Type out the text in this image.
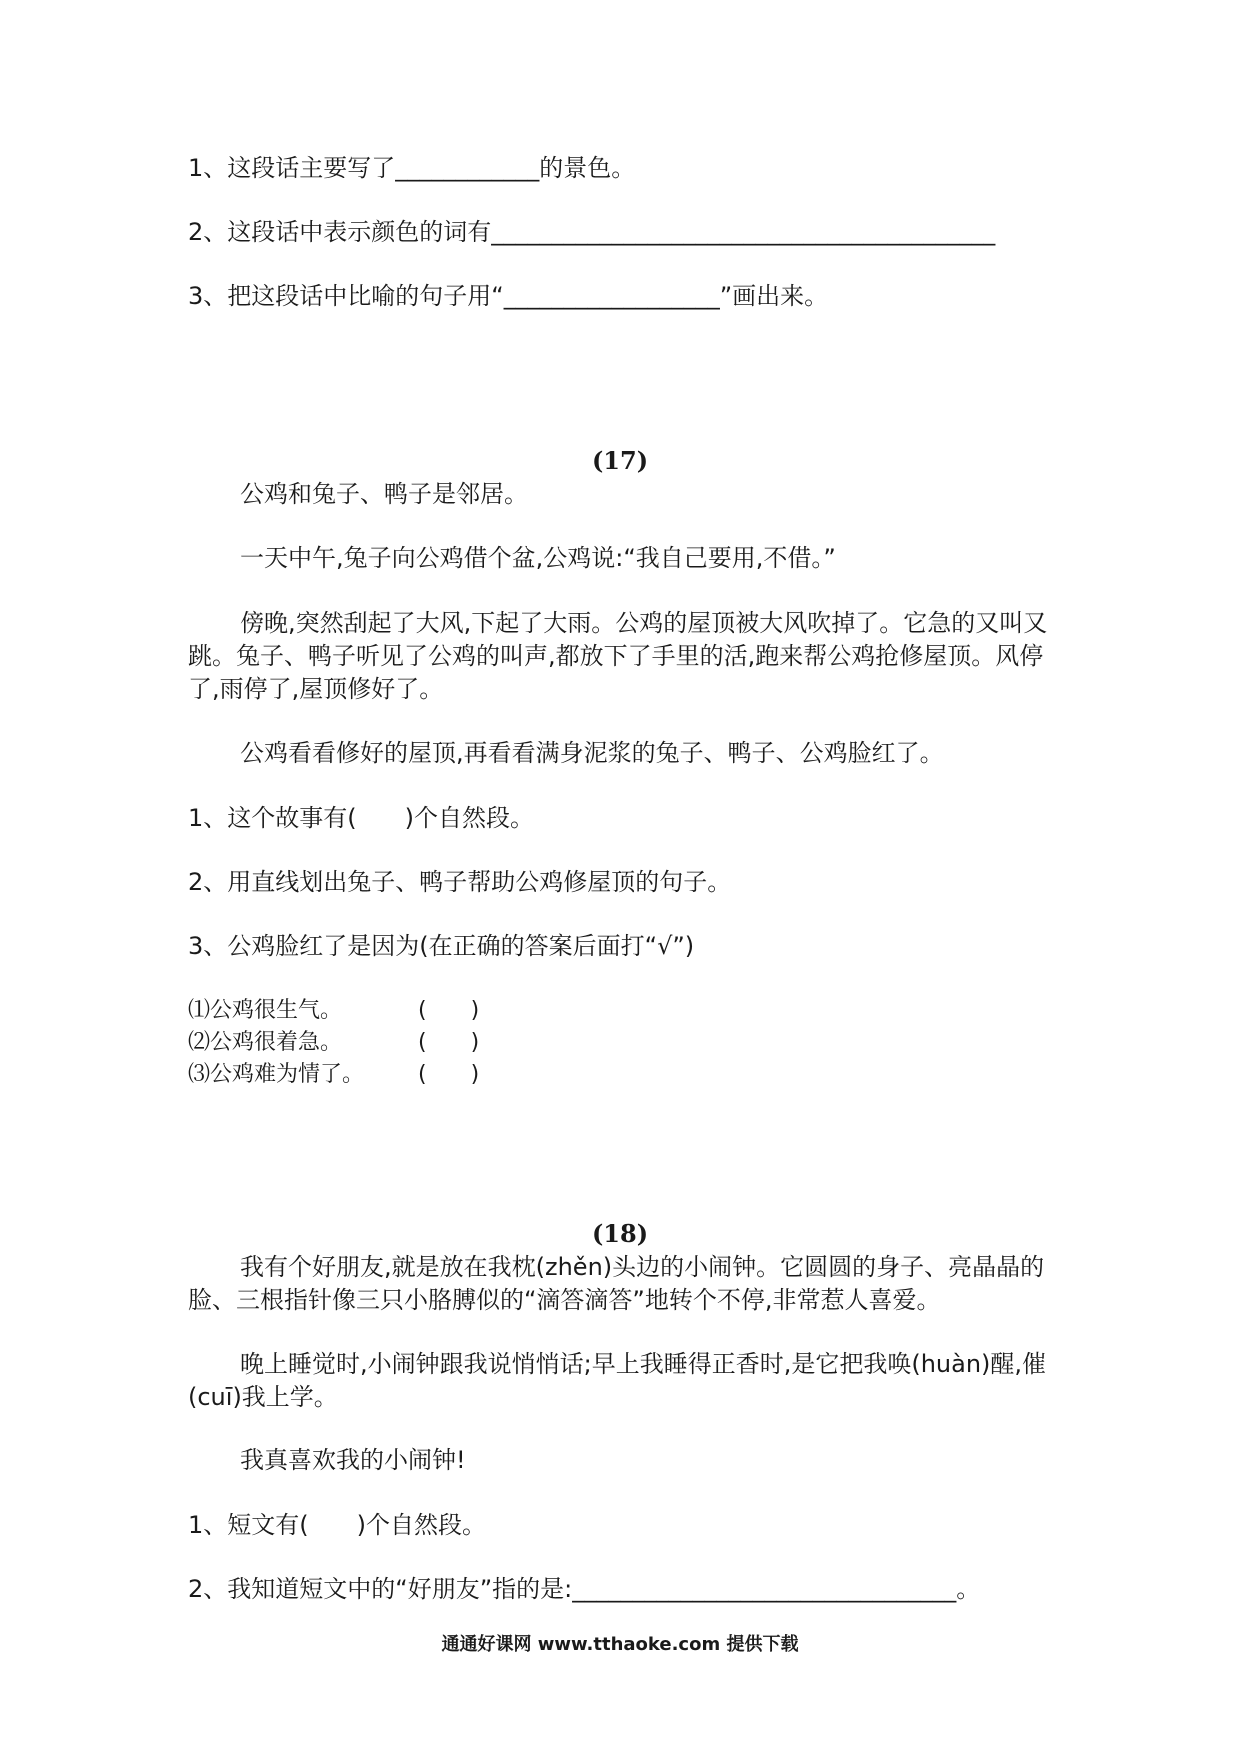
1、这段话主要写了____________的景色。
2、这段话中表示颜色的词有__________________________________________
3、把这段话中比喻的句子用“__________________”画出来。
(17)
公鸡和兔子、鸭子是邻居。
一天中午,兔子向公鸡借个盆,公鸡说:“我自己要用,不借。”
傍晚,突然刮起了大风,下起了大雨。公鸡的屋顶被大风吹掉了。它急的又叫又跳。兔子、鸭子听见了公鸡的叫声,都放下了手里的活,跑来帮公鸡抢修屋顶。风停了,雨停了,屋顶修好了。
公鸡看看修好的屋顶,再看看满身泥浆的兔子、鸭子、公鸡脸红了。
1、这个故事有(　　)个自然段。
2、用直线划出兔子、鸭子帮助公鸡修屋顶的句子。
3、公鸡脸红了是因为(在正确的答案后面打“√”)
⑴公鸡很生气。	(　　)
⑵公鸡很着急。	(　　)
⑶公鸡难为情了。 (　　)
(18)
我有个好朋友,就是放在我枕(zhěn)头边的小闹钟。它圆圆的身子、亮晶晶的脸、三根指针像三只小胳膊似的“滴答滴答”地转个不停,非常惹人喜爱。
晚上睡觉时,小闹钟跟我说悄悄话;早上我睡得正香时,是它把我唤(huàn)醒,催(cuī)我上学。
我真喜欢我的小闹钟!
1、短文有(　　)个自然段。
2、我知道短文中的“好朋友”指的是:________________________________。
通通好课网 www.tthaoke.com 提供下载
